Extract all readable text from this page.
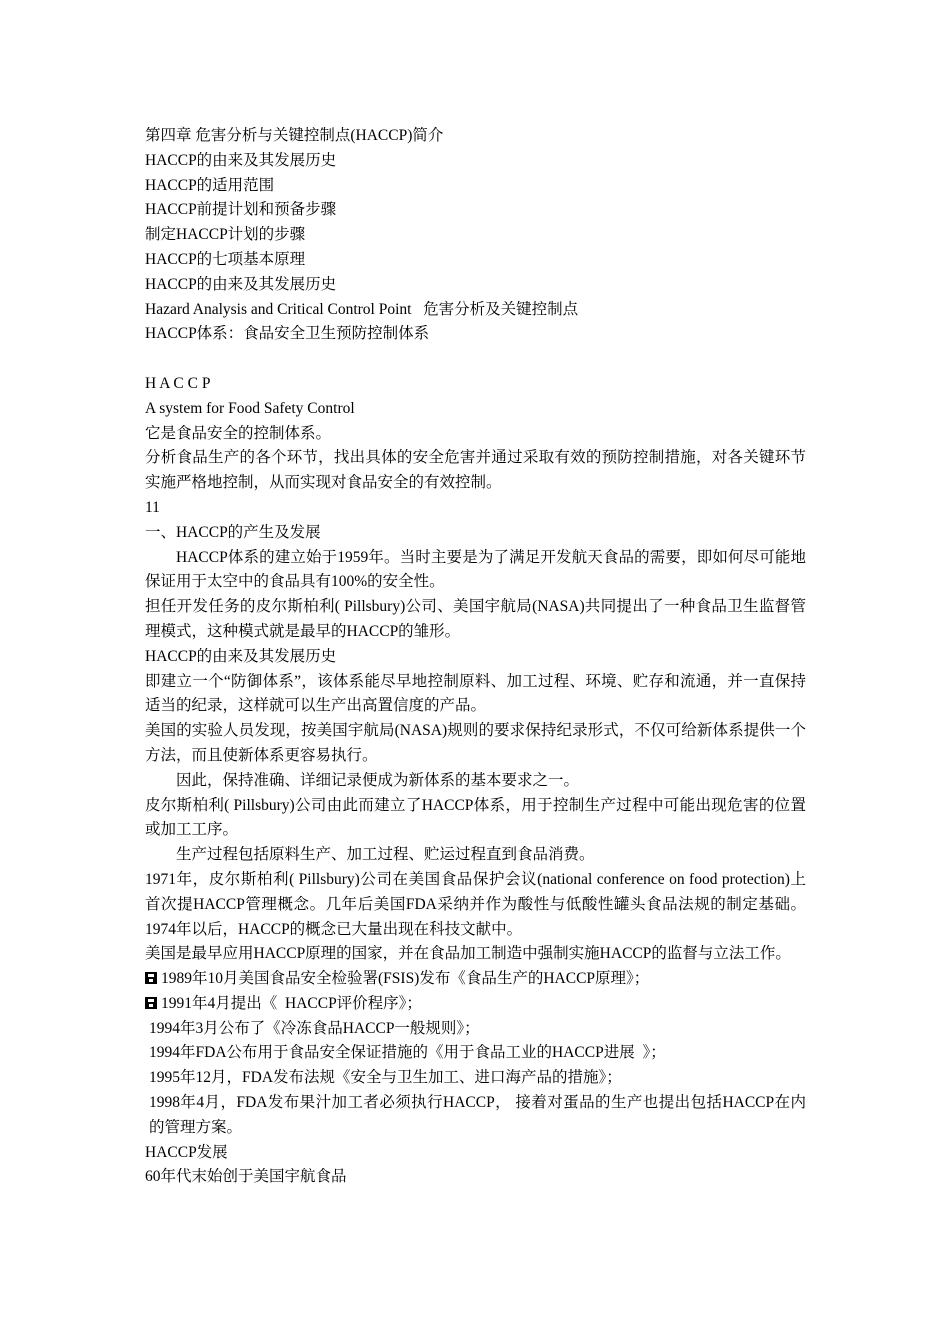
第四章 危害分析与关键控制点(HACCP)简介

HACCP的由来及其发展历史

HACCP的适用范围

HACCP前提计划和预备步骤

制定HACCP计划的步骤

HACCP的七项基本原理

HACCP的由来及其发展历史

Hazard Analysis and Critical Control Point   危害分析及关键控制点

HACCP体系：食品安全卫生预防控制体系

H A C C P

A system for Food Safety Control

它是食品安全的控制体系。

分析食品生产的各个环节，找出具体的安全危害并通过采取有效的预防控制措施，对各关键环节实施严格地控制，从而实现对食品安全的有效控制。

11

一、HACCP的产生及发展

HACCP体系的建立始于1959年。当时主要是为了满足开发航天食品的需要，即如何尽可能地保证用于太空中的食品具有100%的安全性。

担任开发任务的皮尔斯柏利( Pillsbury)公司、美国宇航局(NASA)共同提出了一种食品卫生监督管理模式，这种模式就是最早的HACCP的雏形。

HACCP的由来及其发展历史

即建立一个“防御体系”，该体系能尽早地控制原料、加工过程、环境、贮存和流通，并一直保持适当的纪录，这样就可以生产出高置信度的产品。

美国的实验人员发现，按美国宇航局(NASA)规则的要求保持纪录形式，不仅可给新体系提供一个方法，而且使新体系更容易执行。

因此，保持准确、详细记录便成为新体系的基本要求之一。

皮尔斯柏利( Pillsbury)公司由此而建立了HACCP体系，用于控制生产过程中可能出现危害的位置或加工工序。

生产过程包括原料生产、加工过程、贮运过程直到食品消费。

1971年，皮尔斯柏利( Pillsbury)公司在美国食品保护会议(national conference on food protection)上首次提HACCP管理概念。几年后美国FDA采纳并作为酸性与低酸性罐头食品法规的制定基础。1974年以后，HACCP的概念已大量出现在科技文献中。

美国是最早应用HACCP原理的国家，并在食品加工制造中强制实施HACCP的监督与立法工作。

1989年10月美国食品安全检验署(FSIS)发布《食品生产的HACCP原理》；

1991年4月提出《  HACCP评价程序》；

1994年3月公布了《冷冻食品HACCP一般规则》；

1994年FDA公布用于食品安全保证措施的《用于食品工业的HACCP进展  》；

1995年12月，FDA发布法规《安全与卫生加工、进口海产品的措施》；

1998年4月，FDA发布果汁加工者必须执行HACCP， 接着对蛋品的生产也提出包括HACCP在内的管理方案。

HACCP发展

60年代末始创于美国宇航食品
